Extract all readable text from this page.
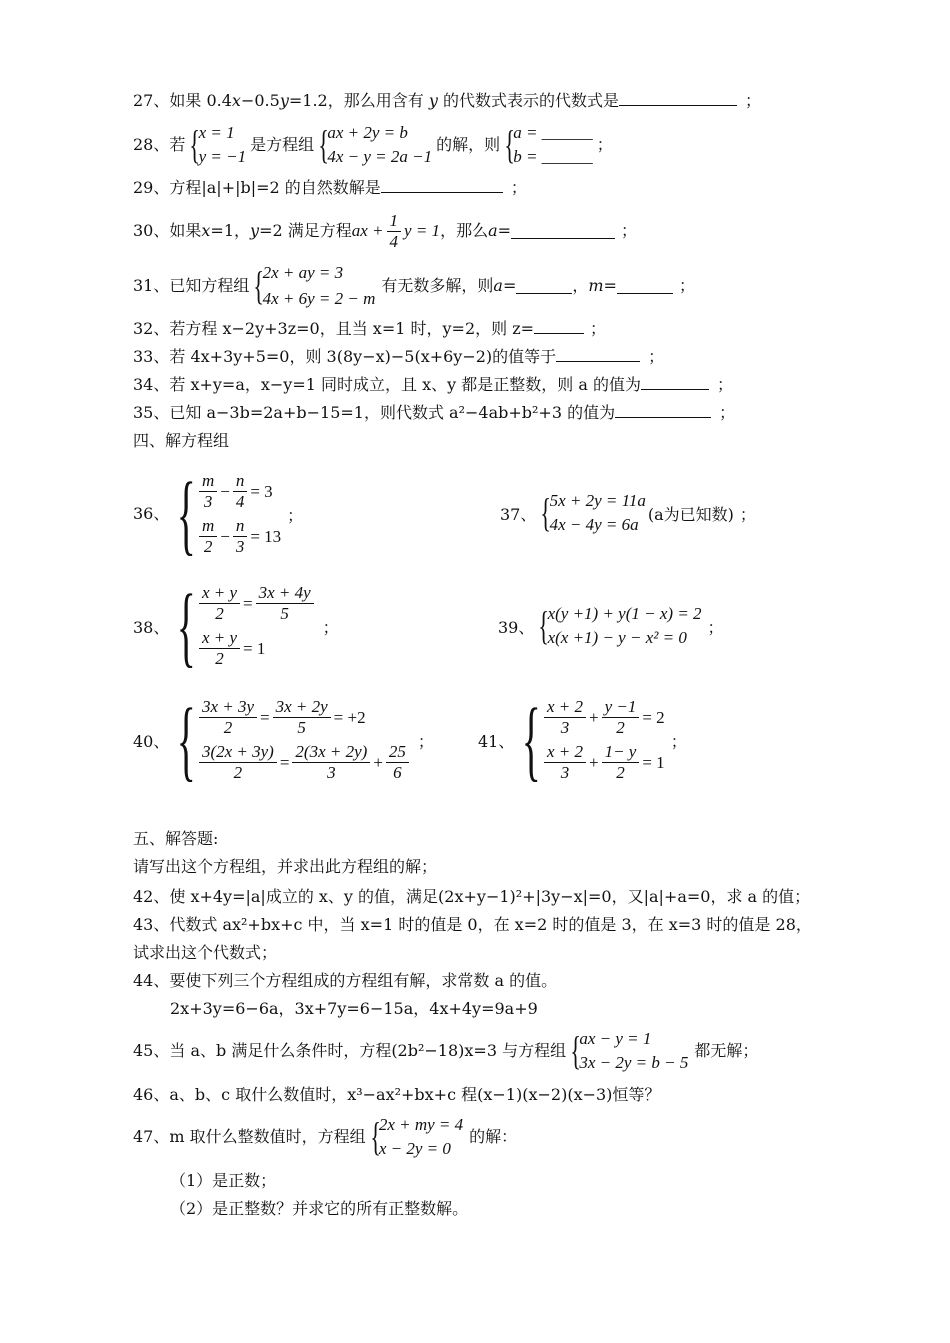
27、如果 0.4x−0.5y=1.2，那么用含有 y 的代数式表示的代数式是	；
28、 若 {
x = 1
y = −1
是方程组 {
ax + 2y = b
4x − y = 2a −1
的解，则 {
a = ______
b = ______
；
29、方程|a|+|b|=2 的自然数解是	；
30、 如果 x =1， y =2 满足方程 ax + $\frac{1}{4}$ y = 1 ，那么 a =	；
31、 已知方程组 {
2x + ay = 3
4x + 6y = 2 − m
有无数多解，则 a =	， m =	；
32、若方程 x−2y+3z=0，且当 x=1 时，y=2，则 z=	；
33、若 4x+3y+5=0，则 3(8y−x)−5(x+6y−2)的值等于	；
34、若 x+y=a，x−y=1 同时成立，且 x、y 都是正整数，则 a 的值为	；
35、已知 a−3b=2a+b−15=1，则代数式 a²−4ab+b²+3 的值为	；
四、解方程组
36、 { $\frac{m}{3} - \frac{n}{4} = 3$
$\frac{m}{2} - \frac{n}{3} = 13$
；	37、 {
5x + 2y = 11a
4x − 4y = 6a
(a为已知数) ；
38、 { $\frac{x + y}{2} = \frac{3x + 4y}{5}$
$\frac{x + y}{2} = 1$
；	39、 {
x(y +1) + y(1 − x) = 2
x(x +1) − y − x² = 0
；
40、 { $\frac{3x + 3y}{2} = \frac{3x + 2y}{5} = +2$
$\frac{3(2x + 3y)}{2} = \frac{2(3x + 2y)}{3} + \frac{25}{6}$
；	41、 { $\frac{x + 2}{3} + \frac{y -1}{2} = 2$
$\frac{x + 2}{3} + \frac{1- y}{2} = 1$
；
五、解答题:
请写出这个方程组，并求出此方程组的解；
42、使 x+4y=|a|成立的 x、y 的值，满足(2x+y−1)²+|3y−x|=0，又|a|+a=0，求 a 的值；
43、代数式 ax²+bx+c 中，当 x=1 时的值是 0，在 x=2 时的值是 3，在 x=3 时的值是 28，
试求出这个代数式；
44、要使下列三个方程组成的方程组有解，求常数 a 的值。
2x+3y=6−6a，3x+7y=6−15a，4x+4y=9a+9
45、当 a、b 满足什么条件时，方程(2b²−18)x=3 与方程组 {
ax − y = 1
3x − 2y = b − 5
都无解；
46、a、b、c 取什么数值时，x³−ax²+bx+c 程(x−1)(x−2)(x−3)恒等？
47、m 取什么整数值时，方程组 {
2x + my = 4
x − 2y = 0
的解：
（1）是正数；
（2）是正整数？并求它的所有正整数解。
